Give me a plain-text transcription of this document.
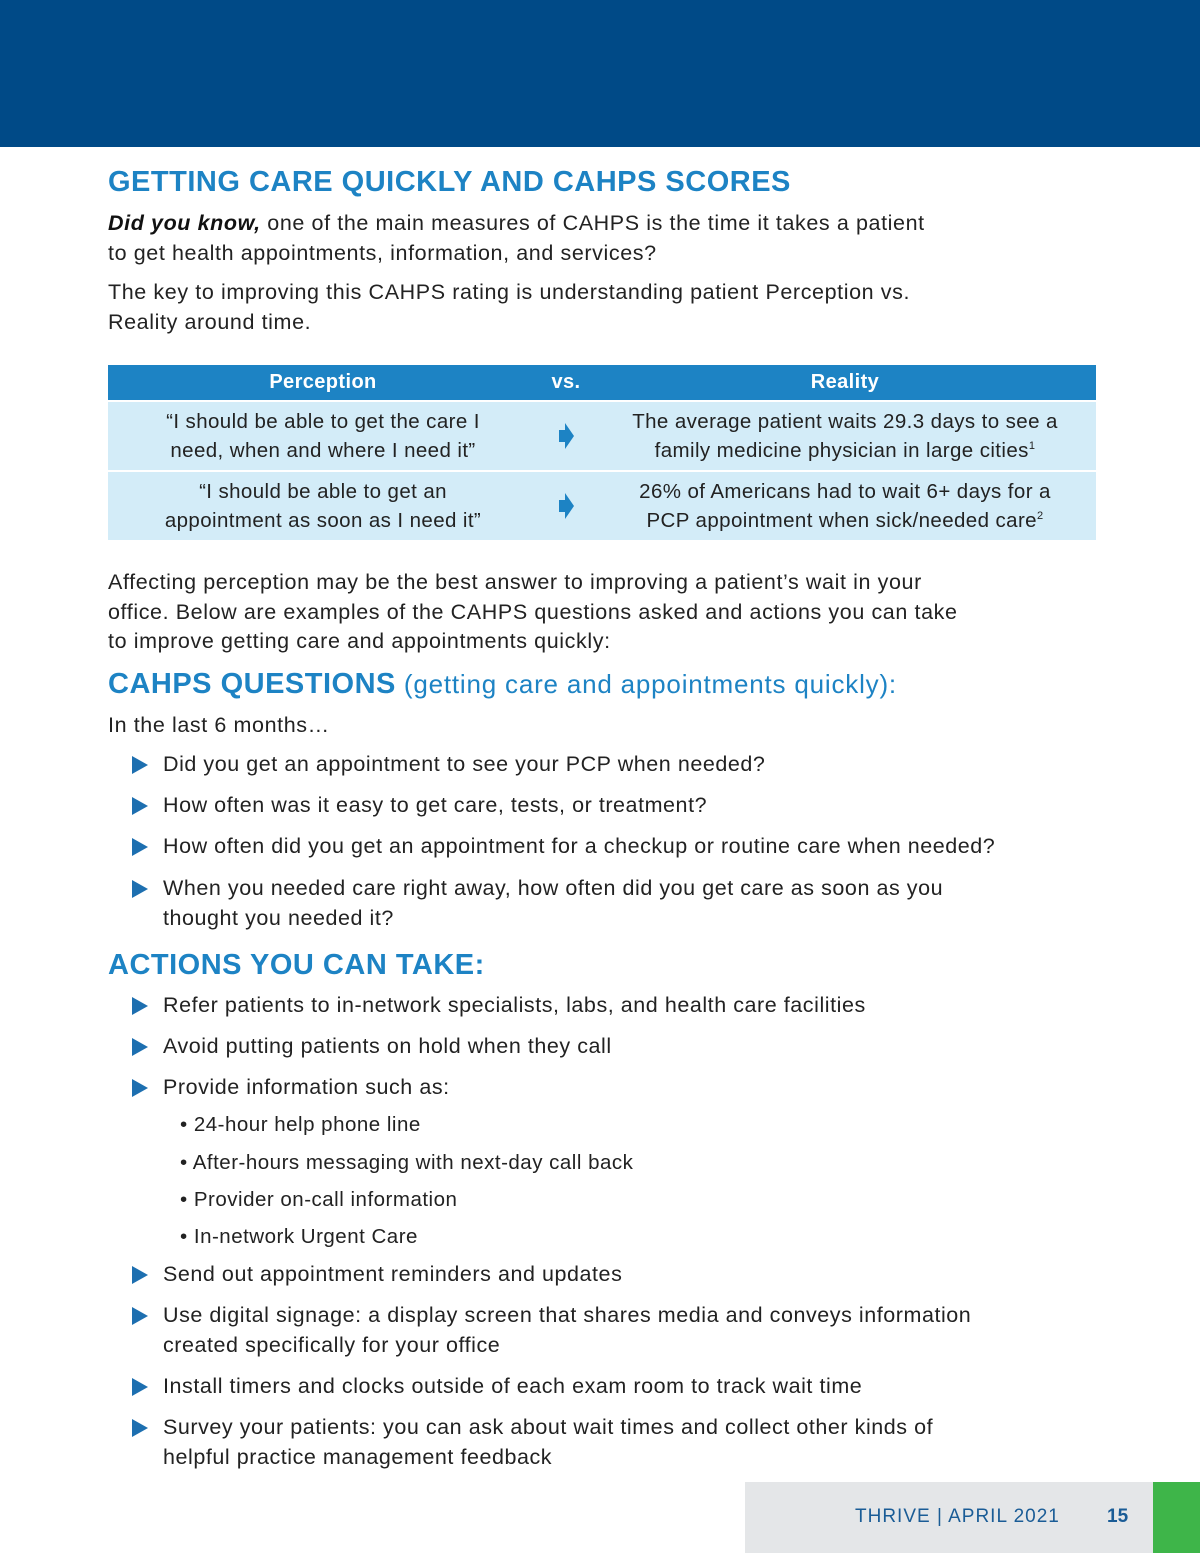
GETTING CARE QUICKLY AND CAHPS SCORES

Did you know, one of the main measures of CAHPS is the time it takes a patient
to get health appointments, information, and services?

The key to improving this CAHPS rating is understanding patient Perception vs.
Reality around time.

Perception	vs.	Reality
“I should be able to get the care I
need, when and where I need it”
The average patient waits 29.3 days to see a
family medicine physician in large cities$^1$
“I should be able to get an
appointment as soon as I need it”
26% of Americans had to wait 6+ days for a
PCP appointment when sick/needed care$^2$

Affecting perception may be the best answer to improving a patient’s wait in your
office. Below are examples of the CAHPS questions asked and actions you can take
to improve getting care and appointments quickly:

CAHPS QUESTIONS (getting care and appointments quickly):

In the last 6 months…

Did you get an appointment to see your PCP when needed?
How often was it easy to get care, tests, or treatment?
How often did you get an appointment for a checkup or routine care when needed?
When you needed care right away, how often did you get care as soon as you
thought you needed it?
ACTIONS YOU CAN TAKE:
Refer patients to in-network specialists, labs, and health care facilities
Avoid putting patients on hold when they call
Provide information such as:
• 24-hour help phone line
• After-hours messaging with next-day call back
• Provider on-call information
• In-network Urgent Care
Send out appointment reminders and updates
Use digital signage: a display screen that shares media and conveys information
created specifically for your office
Install timers and clocks outside of each exam room to track wait time
Survey your patients: you can ask about wait times and collect other kinds of
helpful practice management feedback
THRIVE | APRIL 2021 15
